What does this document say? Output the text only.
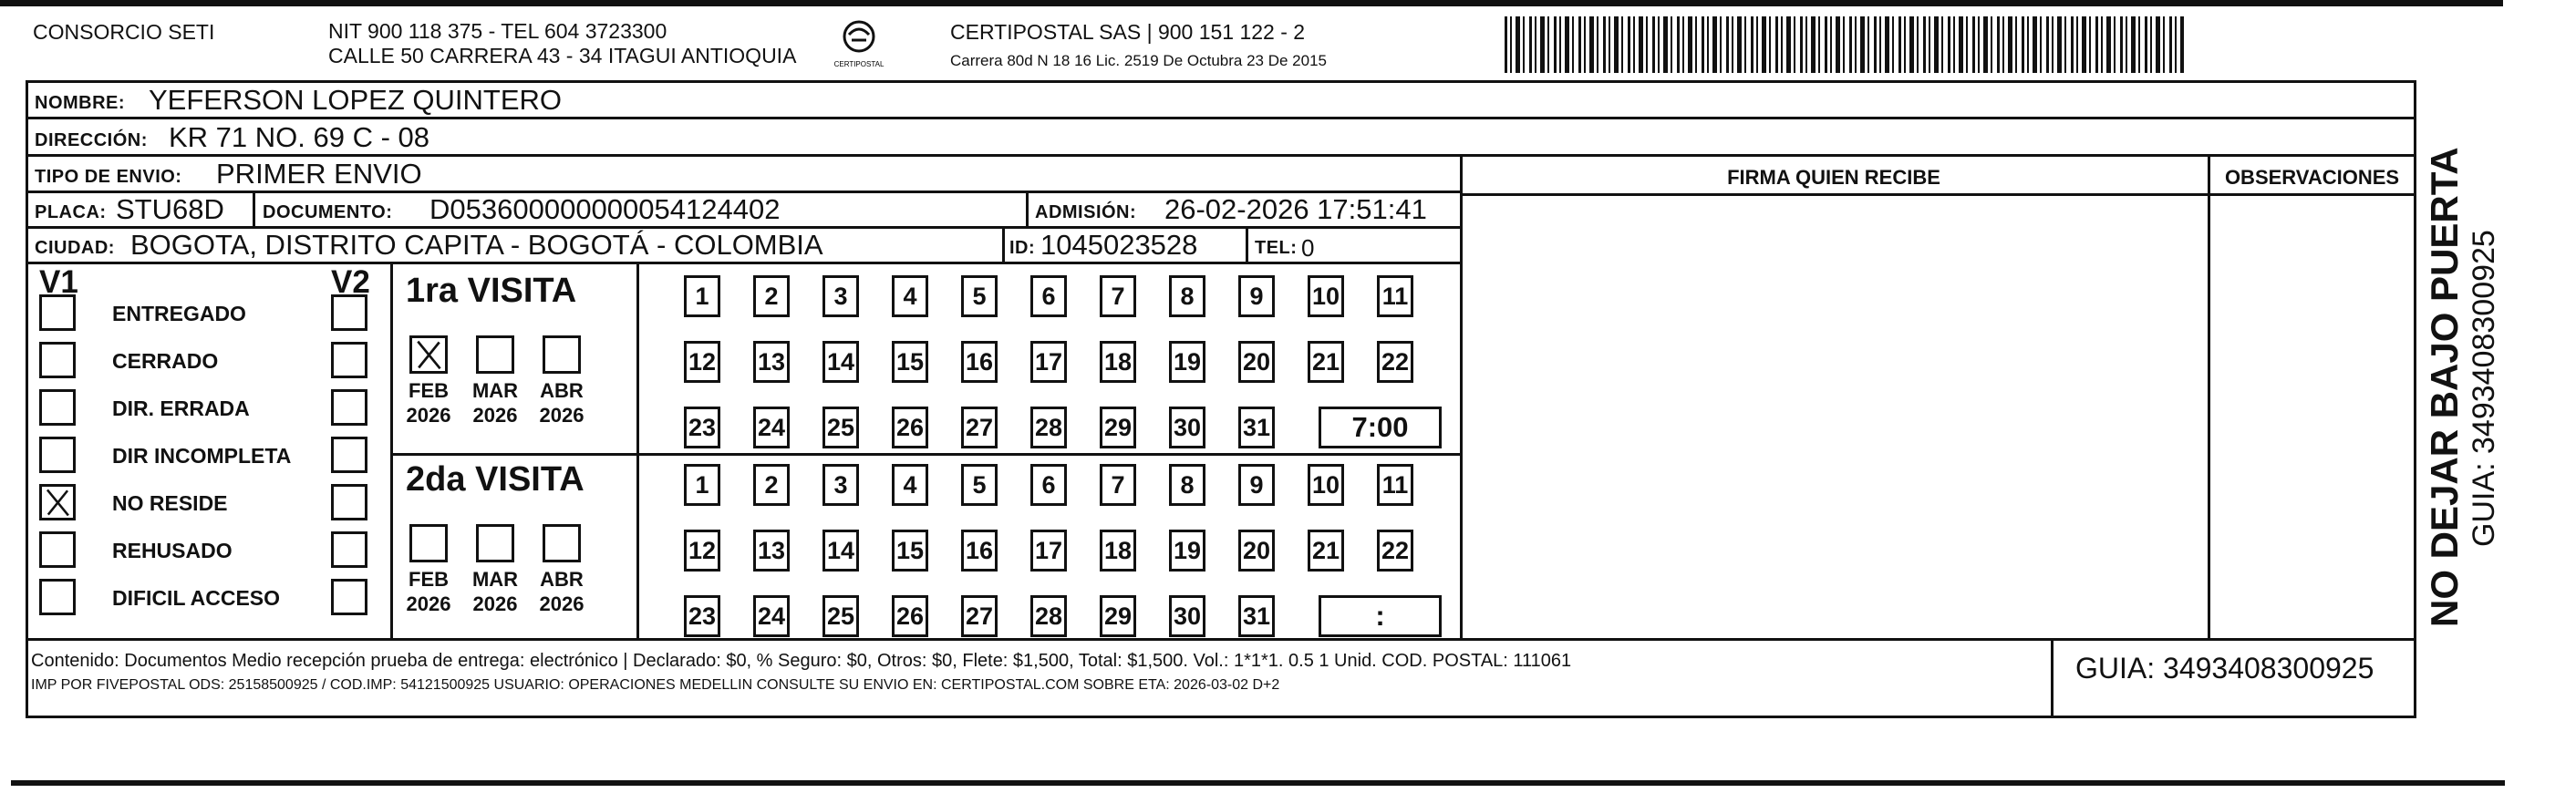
CONSORCIO SETI	NIT 900 118 375 - TEL 604 3723300
CALLE 50 CARRERA 43 - 34 ITAGUI ANTIOQUIA	CERTIPOSTAL
CERTIPOSTAL SAS | 900 151 122 - 2
Carrera 80d N 18 16 Lic. 2519 De Octubra 23 De 2015
NOMBRE: YEFERSON LOPEZ QUINTERO
DIRECCIÓN: KR 71 NO. 69 C - 08
TIPO DE ENVIO: PRIMER ENVIO
PLACA: STU68D DOCUMENTO: D053600000000054124402	ADMISIÓN: 26-02-2026 17:51:41
CIUDAD: BOGOTA, DISTRITO CAPITA - BOGOTÁ - COLOMBIA	ID: 1045023528	TEL: 0
FIRMA QUIEN RECIBE	OBSERVACIONES
V1	V2
ENTREGADO
CERRADO
DIR. ERRADA
DIR INCOMPLETA
NO RESIDE
REHUSADO
DIFICIL ACCESO
1ra VISITA
FEB
2026
MAR
2026
ABR
2026
1	2	3	4	5	6	7	8	9	10 11
12 13 14 15 16 17 18 19 20 21 22
23 24 25 26 27 28 29 30 31	7:00
2da VISITA
FEB
2026
MAR
2026
ABR
2026
1	2	3	4	5	6	7	8	9	10 11
12 13 14 15 16 17 18 19 20 21 22
23 24 25 26 27 28 29 30 31	:
Contenido: Documentos Medio recepción prueba de entrega: electrónico | Declarado: $0, % Seguro: $0, Otros: $0, Flete: $1,500, Total: $1,500. Vol.: 1*1*1. 0.5 1 Unid. COD. POSTAL: 111061
IMP POR FIVEPOSTAL ODS: 25158500925 / COD.IMP: 54121500925 USUARIO: OPERACIONES MEDELLIN CONSULTE SU ENVIO EN: CERTIPOSTAL.COM SOBRE ETA: 2026-03-02 D+2
GUIA: 3493408300925
NO DEJAR BAJO PUERTA GUIA: 3493408300925
